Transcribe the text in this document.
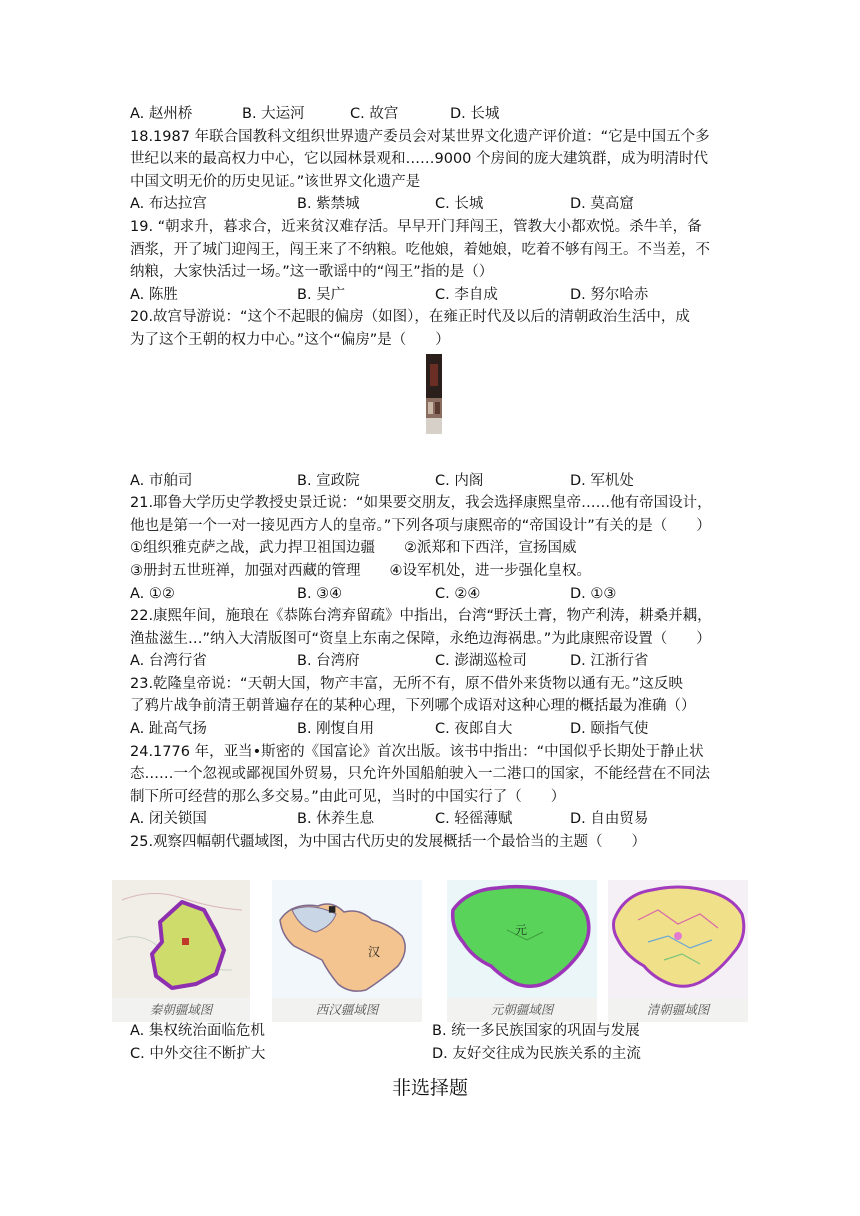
A. 赵州桥	B. 大运河	C. 故宫	D. 长城
18.1987 年联合国教科文组织世界遗产委员会对某世界文化遗产评价道：“它是中国五个多
世纪以来的最高权力中心，它以园林景观和……9000 个房间的庞大建筑群，成为明清时代
中国文明无价的历史见证。”该世界文化遗产是
A. 布达拉宫	B. 紫禁城	C. 长城	D. 莫高窟
19. “朝求升，暮求合，近来贫汉难存活。早早开门拜闯王，管教大小都欢悦。杀牛羊，备
酒浆，开了城门迎闯王，闯王来了不纳粮。吃他娘，着她娘，吃着不够有闯王。不当差，不
纳粮，大家快活过一场。”这一歌谣中的“闯王”指的是（）
A. 陈胜	B. 吴广	C. 李自成	D. 努尔哈赤
20.故宫导游说：“这个不起眼的偏房（如图），在雍正时代及以后的清朝政治生活中，成
为了这个王朝的权力中心。”这个“偏房”是（　　）
A. 市舶司	B. 宣政院	C. 内阁	D. 军机处
21.耶鲁大学历史学教授史景迁说：“如果要交朋友，我会选择康熙皇帝……他有帝国设计，
他也是第一个一对一接见西方人的皇帝。”下列各项与康熙帝的“帝国设计”有关的是（　　）
①组织雅克萨之战，武力捍卫祖国边疆　　②派郑和下西洋，宣扬国威
③册封五世班禅，加强对西藏的管理　　④设军机处，进一步强化皇权。
A. ①②	B. ③④	C. ②④	D. ①③
22.康熙年间，施琅在《恭陈台湾弃留疏》中指出，台湾“野沃土膏，物产利涛，耕桑并耦，
渔盐滋生…”纳入大清版图可“资皇上东南之保障，永绝边海祸患。”为此康熙帝设置（　　）
A. 台湾行省	B. 台湾府	C. 澎湖巡检司	D. 江浙行省
23.乾隆皇帝说：“天朝大国，物产丰富，无所不有，原不借外来货物以通有无。”这反映
了鸦片战争前清王朝普遍存在的某种心理，下列哪个成语对这种心理的概括最为准确（）
A. 趾高气扬	B. 刚愎自用	C. 夜郎自大	D. 颐指气使
24.1776 年，亚当•斯密的《国富论》首次出版。该书中指出：“中国似乎长期处于静止状
态……一个忽视或鄙视国外贸易，只允许外国船舶驶入一二港口的国家，不能经营在不同法
制下所可经营的那么多交易。”由此可见，当时的中国实行了（　　）
A. 闭关锁国	B. 休养生息	C. 轻徭薄赋	D. 自由贸易
25.观察四幅朝代疆域图，为中国古代历史的发展概括一个最恰当的主题（　　）
秦朝疆域图
◼
汉
西汉疆域图
元
元朝疆域图	清朝疆域图
A. 集权统治面临危机	B. 统一多民族国家的巩固与发展
C. 中外交往不断扩大	D. 友好交往成为民族关系的主流
非选择题
